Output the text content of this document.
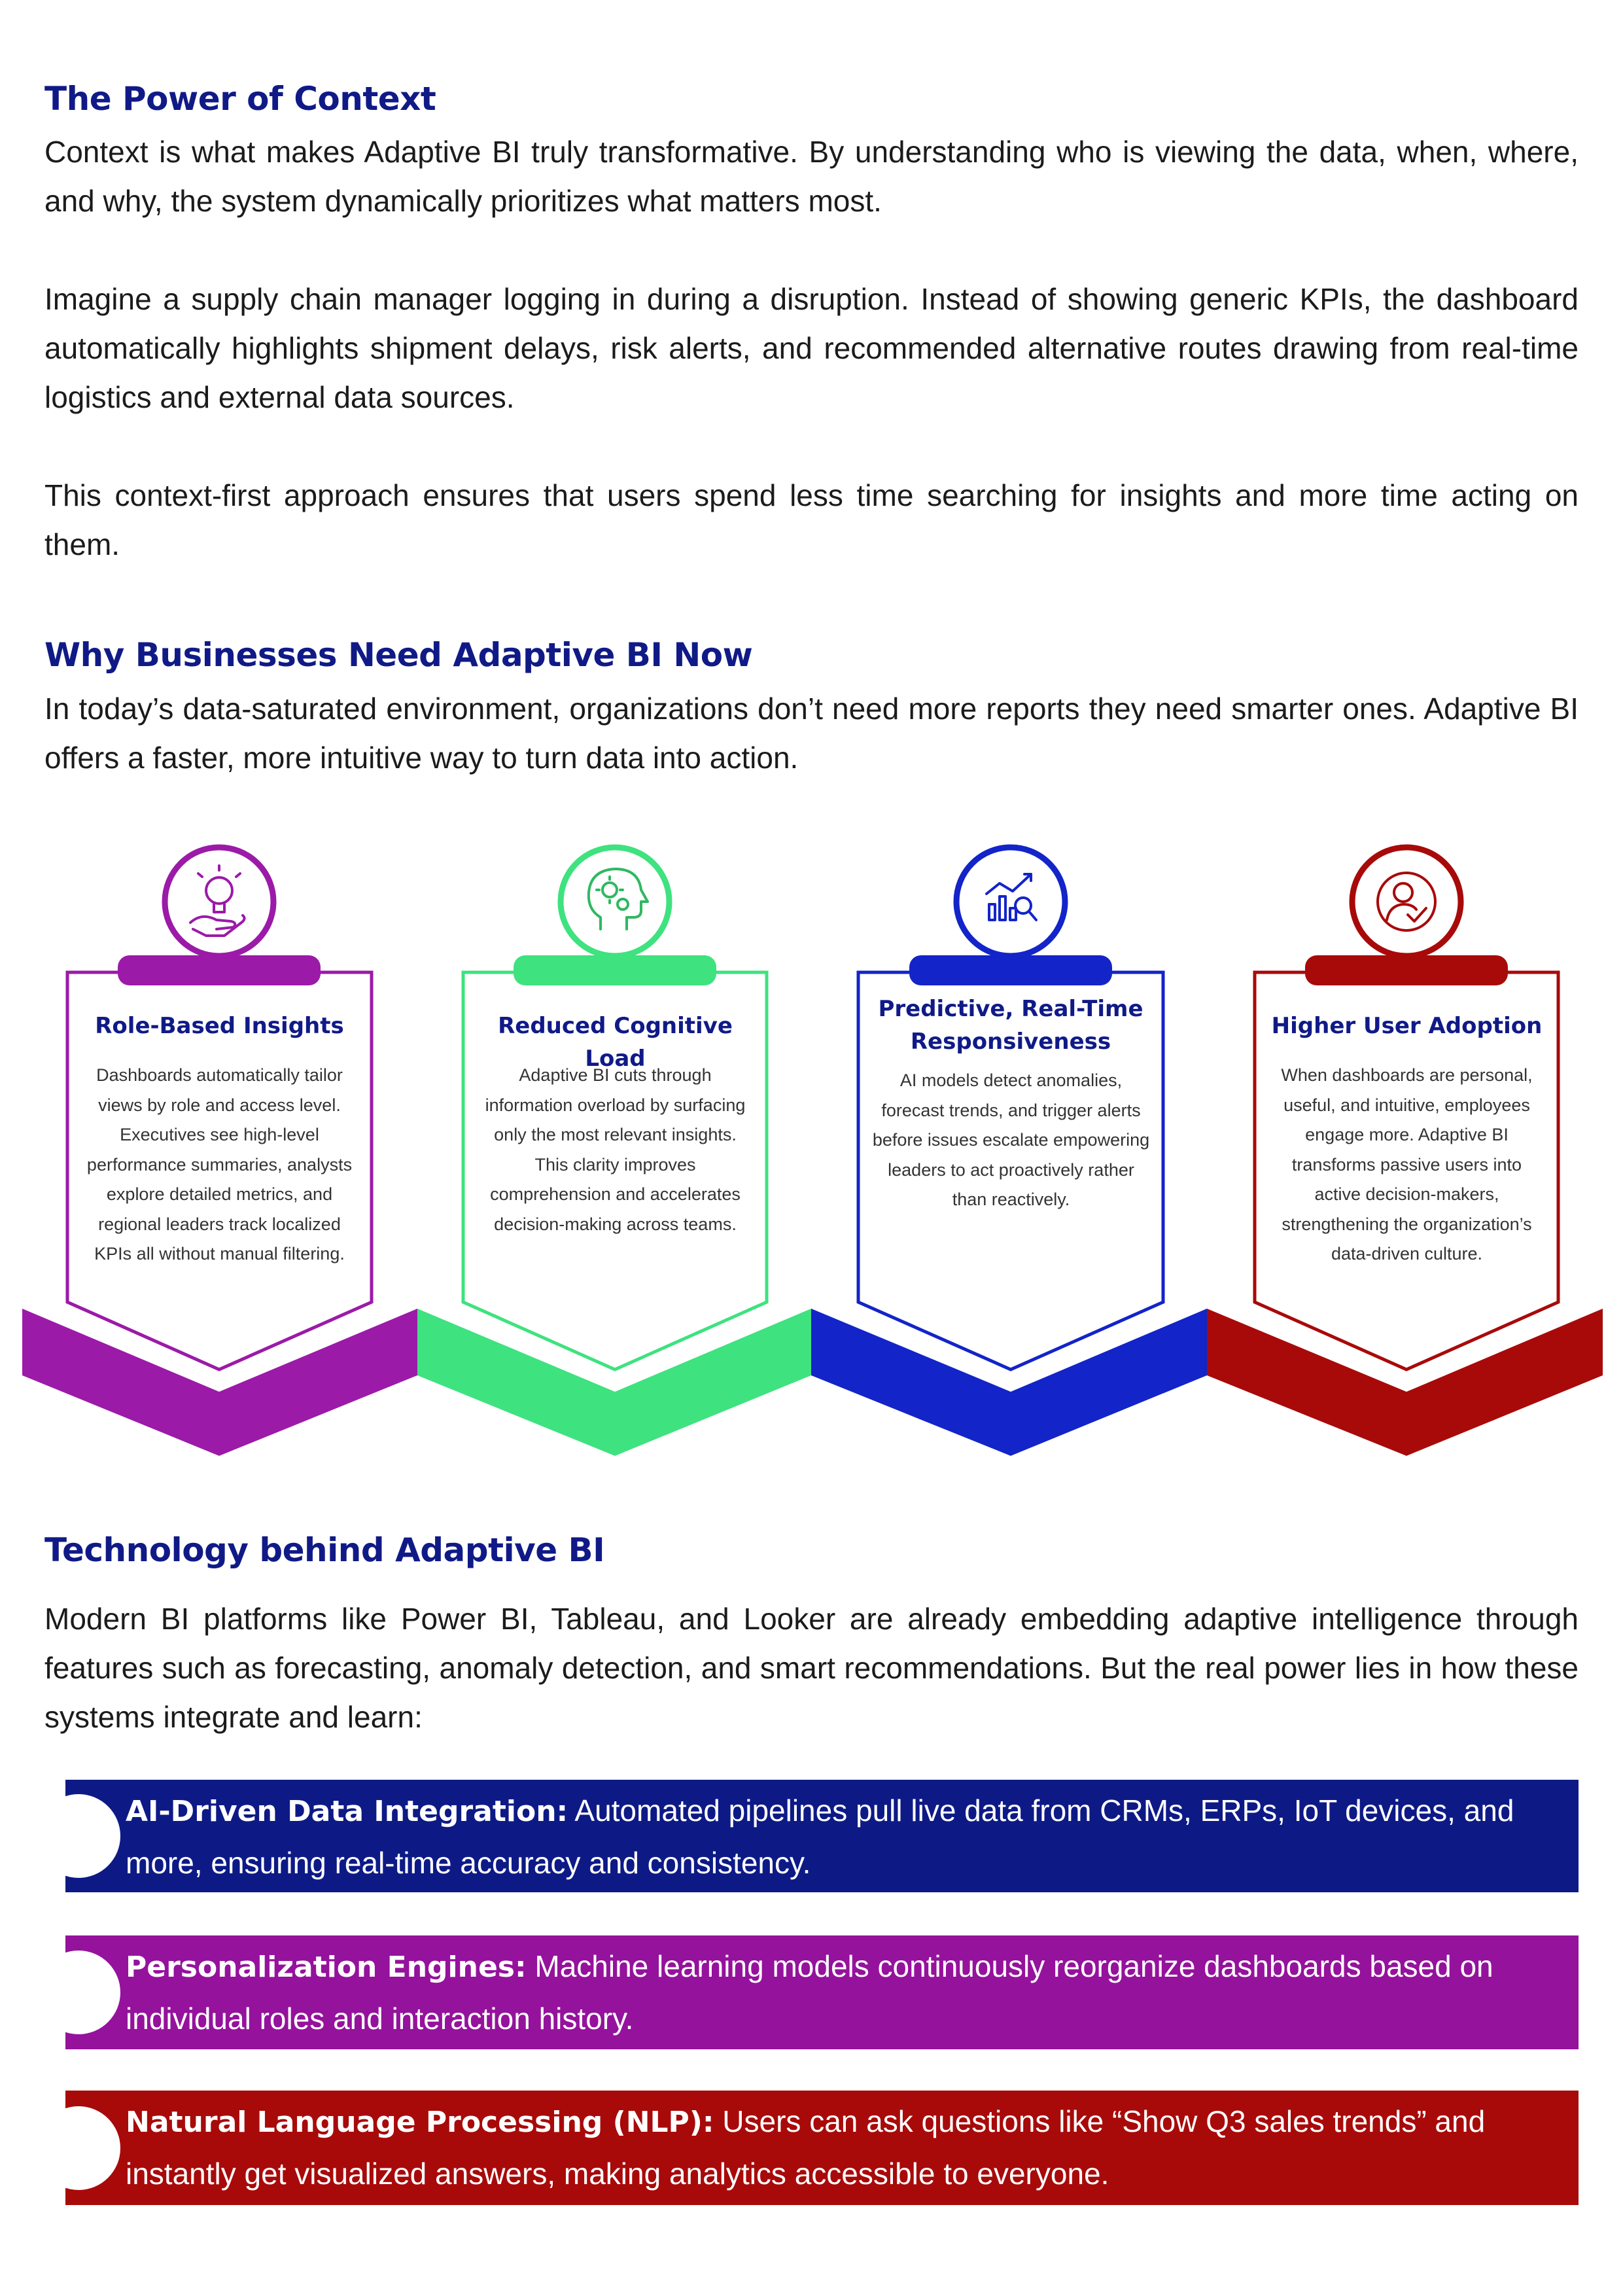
The Power of Context

Context is what makes Adaptive BI truly transformative. By understanding who is viewing the data, when, where, and why, the system dynamically prioritizes what matters most.

Imagine a supply chain manager logging in during a disruption. Instead of showing generic KPIs, the dashboard automatically highlights shipment delays, risk alerts, and recommended alternative routes drawing from real-time logistics and external data sources.

This context-first approach ensures that users spend less time searching for insights and more time acting on them.

Why Businesses Need Adaptive BI Now

In today’s data-saturated environment, organizations don’t need more reports they need smarter ones. Adaptive BI offers a faster, more intuitive way to turn data into action.

Role-Based Insights
Dashboards automatically tailor views by role and access level. Executives see high-level performance summaries, analysts explore detailed metrics, and regional leaders track localized KPIs all without manual filtering.
Reduced Cognitive Load
Adaptive BI cuts through information overload by surfacing only the most relevant insights. This clarity improves comprehension and accelerates decision-making across teams.
Predictive, Real-Time Responsiveness
AI models detect anomalies, forecast trends, and trigger alerts before issues escalate empowering leaders to act proactively rather than reactively.
Higher User Adoption
When dashboards are personal, useful, and intuitive, employees engage more. Adaptive BI transforms passive users into active decision-makers, strengthening the organization’s data-driven culture.
Technology behind Adaptive BI

Modern BI platforms like Power BI, Tableau, and Looker are already embedding adaptive intelligence through features such as forecasting, anomaly detection, and smart recommendations. But the real power lies in how these systems integrate and learn:

AI-Driven Data Integration: Automated pipelines pull live data from CRMs, ERPs, IoT devices, and more, ensuring real-time accuracy and consistency.
Personalization Engines: Machine learning models continuously reorganize dashboards based on individual roles and interaction history.
Natural Language Processing (NLP): Users can ask questions like “Show Q3 sales trends” and instantly get visualized answers, making analytics accessible to everyone.
